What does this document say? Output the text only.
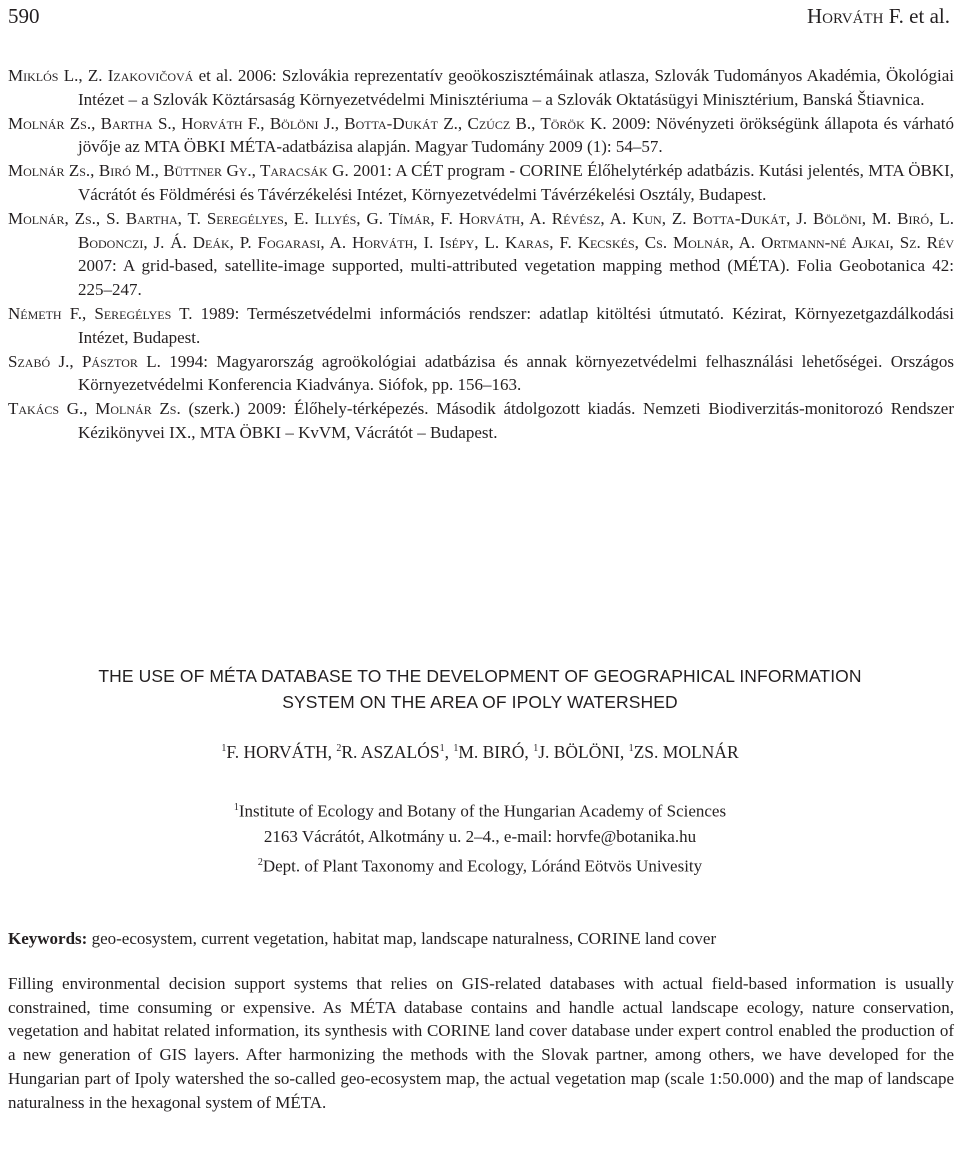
590	Horváth F. et al.
Miklós L., Z. Izakovičová et al. 2006: Szlovákia reprezentatív geoökoszisztémáinak atlasza, Szlovák Tudományos Akadémia, Ökológiai Intézet – a Szlovák Köztársaság Környezetvédelmi Minisztériuma – a Szlovák Oktatásügyi Minisztérium, Banská Štiavnica.
Molnár Zs., Bartha S., Horváth F., Bölöni J., Botta-Dukát Z., Czúcz B., Török K. 2009: Növényzeti örökségünk állapota és várható jövője az MTA ÖBKI MÉTA-adatbázisa alapján. Magyar Tudomány 2009 (1): 54–57.
Molnár Zs., Biró M., Büttner Gy., Taracsák G. 2001: A CÉT program - CORINE Élőhelytérkép adatbázis. Kutási jelentés, MTA ÖBKI, Vácrátót és Földmérési és Távérzékelési Intézet, Környezetvédelmi Távérzékelési Osztály, Budapest.
Molnár, Zs., S. Bartha, T. Seregélyes, E. Illyés, G. Tímár, F. Horváth, A. Révész, A. Kun, Z. Botta-Dukát, J. Bölöni, M. Biró, L. Bodonczi, J. Á. Deák, P. Fogarasi, A. Horváth, I. Isépy, L. Karas, F. Kecskés, Cs. Molnár, A. Ortmann-né Ajkai, Sz. Rév 2007: A grid-based, satellite-image supported, multi-attributed vegetation mapping method (MÉTA). Folia Geobotanica 42: 225–247.
Németh F., Seregélyes T. 1989: Természetvédelmi információs rendszer: adatlap kitöltési útmutató. Kézirat, Környezetgazdálkodási Intézet, Budapest.
Szabó J., Pásztor L. 1994: Magyarország agroökológiai adatbázisa és annak környezetvédelmi felhasználási lehetőségei. Országos Környezetvédelmi Konferencia Kiadványa. Siófok, pp. 156–163.
Takács G., Molnár Zs. (szerk.) 2009: Élőhely-térképezés. Második átdolgozott kiadás. Nemzeti Biodiverzitás-monitorozó Rendszer Kézikönyvei IX., MTA ÖBKI – KvVM, Vácrátót – Budapest.
THE USE OF MÉTA DATABASE TO THE DEVELOPMENT OF GEOGRAPHICAL INFORMATION
SYSTEM ON THE AREA OF IPOLY WATERSHED
$^1$F. HORVÁTH, $^2$R. ASZALÓS$^1$, $^1$M. BIRÓ, $^1$J. BÖLÖNI, $^1$ZS. MOLNÁR
$^1$Institute of Ecology and Botany of the Hungarian Academy of Sciences
2163 Vácrátót, Alkotmány u. 2–4., e-mail: horvfe@botanika.hu
$^2$Dept. of Plant Taxonomy and Ecology, Lóránd Eötvös Univesity
Keywords: geo-ecosystem, current vegetation, habitat map, landscape naturalness, CORINE land cover
Filling environmental decision support systems that relies on GIS-related databases with actual field-based information is usually constrained, time consuming or expensive. As MÉTA database contains and handle actual landscape ecology, nature conservation, vegetation and habitat related information, its synthesis with CORINE land cover database under expert control enabled the production of a new generation of GIS layers. After harmonizing the methods with the Slovak partner, among others, we have developed for the Hungarian part of Ipoly watershed the so-called geo-ecosystem map, the actual vegetation map (scale 1:50.000) and the map of landscape naturalness in the hexagonal system of MÉTA.
